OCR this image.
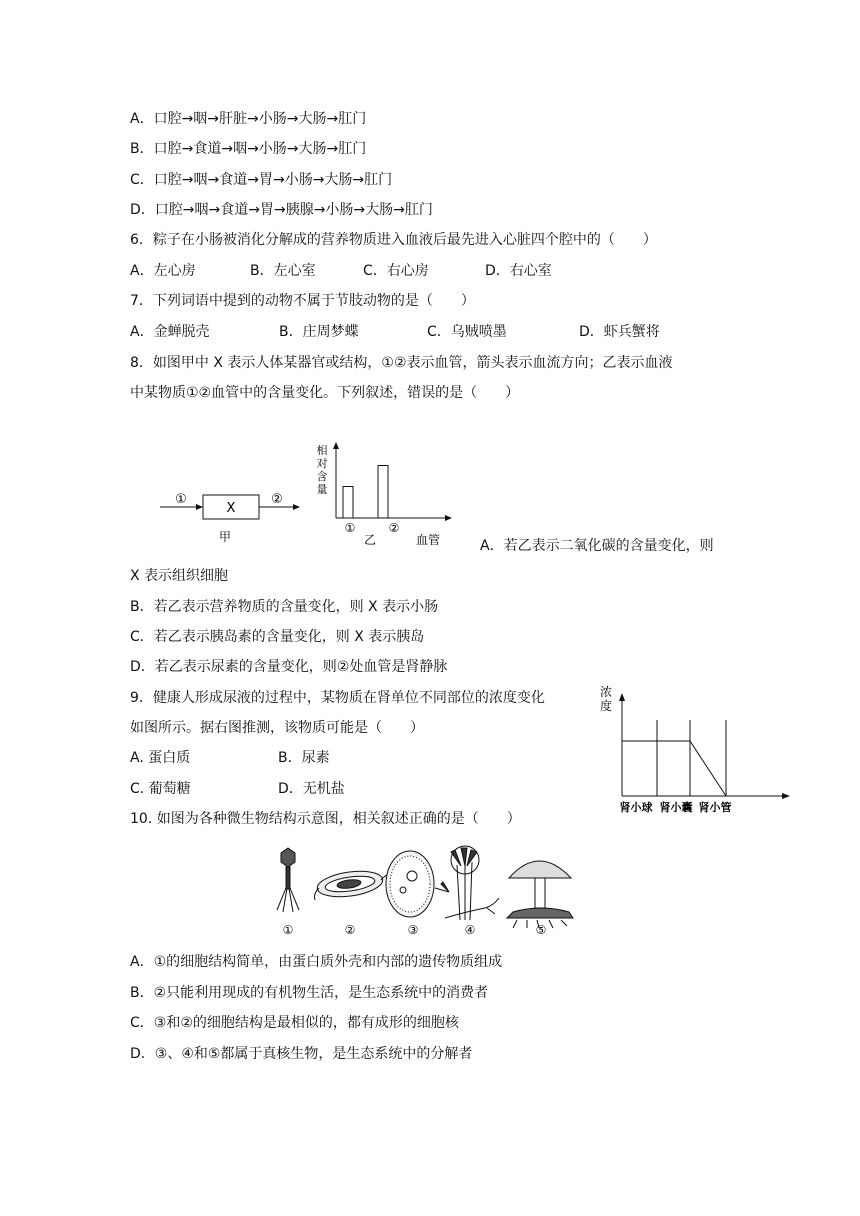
A．口腔→咽→肝脏→小肠→大肠→肛门
B．口腔→食道→咽→小肠→大肠→肛门
C．口腔→咽→食道→胃→小肠→大肠→肛门
D．口腔→咽→食道→胃→胰腺→小肠→大肠→肛门
6．粽子在小肠被消化分解成的营养物质进入血液后最先进入心脏四个腔中的（　　）
A．左心房	B．左心室	C．右心房	D．右心室
7．下列词语中提到的动物不属于节肢动物的是（　　）
A．金蝉脱壳	B．庄周梦蝶	C．乌贼喷墨	D．虾兵蟹将
8．如图甲中 X 表示人体某器官或结构，①②表示血管，箭头表示血流方向；乙表示血液
中某物质①②血管中的含量变化。下列叙述，错误的是（　　）
①
X
②
甲
相
对
含
量
①	②
血管
乙	A．若乙表示二氧化碳的含量变化，则
X 表示组织细胞
B．若乙表示营养物质的含量变化，则 X 表示小肠
C．若乙表示胰岛素的含量变化，则 X 表示胰岛
D．若乙表示尿素的含量变化，则②处血管是肾静脉
9．健康人形成尿液的过程中，某物质在肾单位不同部位的浓度变化
如图所示。据右图推测，该物质可能是（　　）
A. 蛋白质	B．尿素
C. 葡萄糖	D．无机盐
浓
度
肾小球 肾小囊 肾小管
10. 如图为各种微生物结构示意图，相关叙述正确的是（　　）
①	②	③	④	⑤
A．①的细胞结构简单，由蛋白质外壳和内部的遗传物质组成
B．②只能利用现成的有机物生活，是生态系统中的消费者
C．③和②的细胞结构是最相似的，都有成形的细胞核
D．③、④和⑤都属于真核生物，是生态系统中的分解者
